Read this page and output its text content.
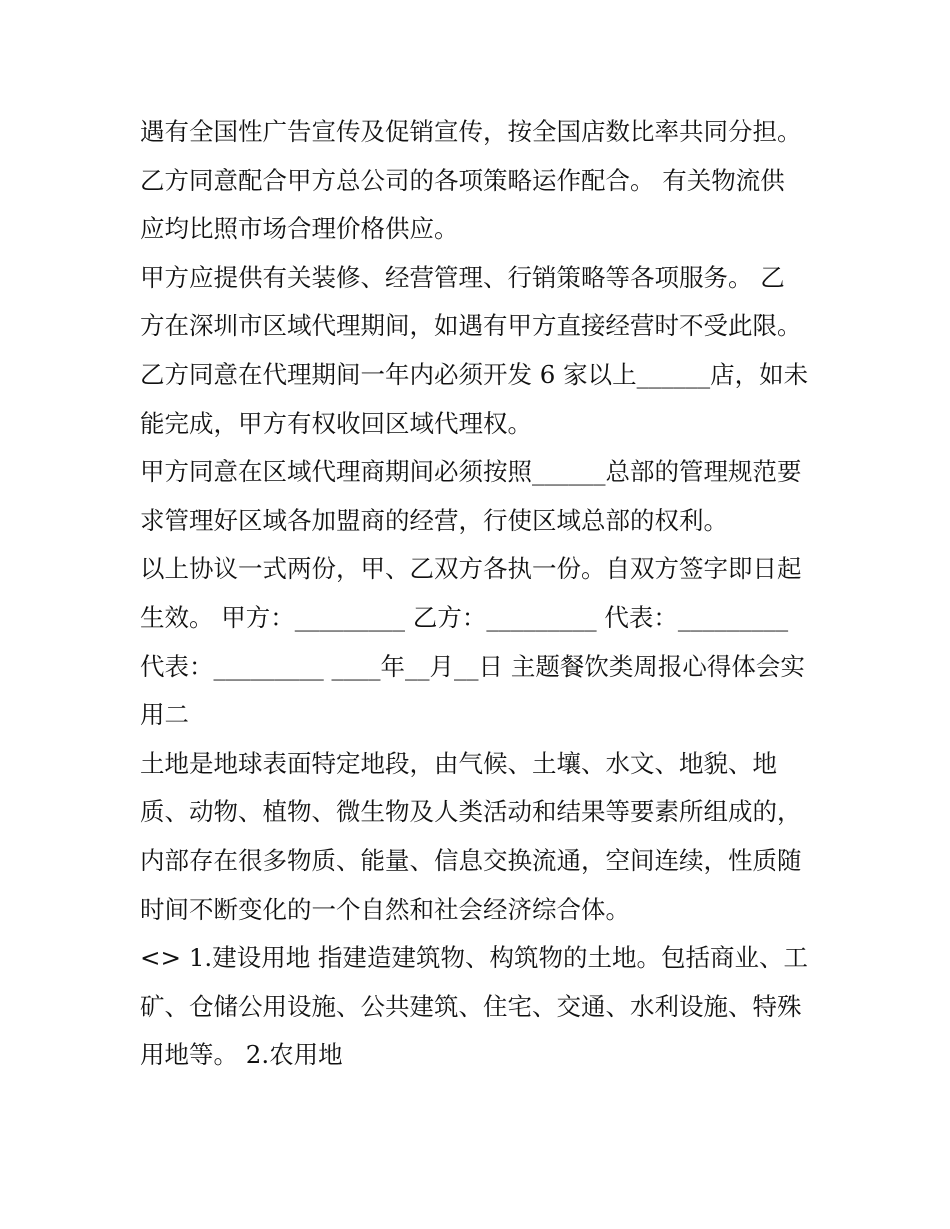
遇有全国性广告宣传及促销宣传，按全国店数比率共同分担。
乙方同意配合甲方总公司的各项策略运作配合。 有关物流供
应均比照市场合理价格供应。
甲方应提供有关装修、经营管理、行销策略等各项服务。 乙
方在深圳市区域代理期间，如遇有甲方直接经营时不受此限。
乙方同意在代理期间一年内必须开发 6 家以上______店，如未
能完成，甲方有权收回区域代理权。
甲方同意在区域代理商期间必须按照______总部的管理规范要
求管理好区域各加盟商的经营，行使区域总部的权利。
以上协议一式两份，甲、乙双方各执一份。自双方签字即日起
生效。 甲方：_________ 乙方：_________ 代表：_________
代表：_________ ____年__月__日 主题餐饮类周报心得体会实
用二
土地是地球表面特定地段，由气候、土壤、水文、地貌、地
质、动物、植物、微生物及人类活动和结果等要素所组成的，
内部存在很多物质、能量、信息交换流通，空间连续，性质随
时间不断变化的一个自然和社会经济综合体。
<> 1.建设用地 指建造建筑物、构筑物的土地。包括商业、工
矿、仓储公用设施、公共建筑、住宅、交通、水利设施、特殊
用地等。 2.农用地
